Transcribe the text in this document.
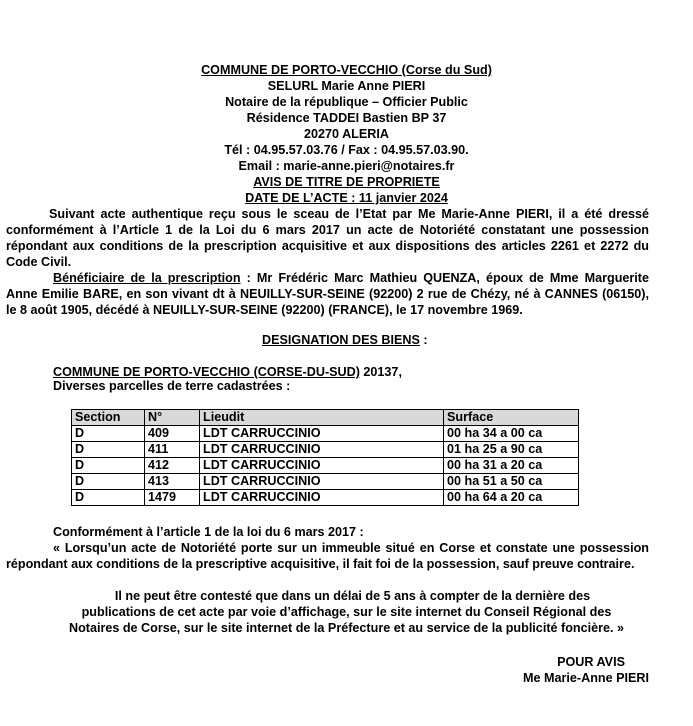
COMMUNE DE PORTO-VECCHIO (Corse du Sud)
SELURL Marie Anne PIERI
Notaire de la république – Officier Public
Résidence TADDEI Bastien BP 37
20270 ALERIA
Tél : 04.95.57.03.76 / Fax : 04.95.57.03.90.
Email : marie-anne.pieri@notaires.fr
AVIS DE TITRE DE PROPRIETE
DATE DE L’ACTE : 11 janvier 2024
Suivant acte authentique reçu sous le sceau de l’Etat par Me Marie-Anne PIERI, il a été dressé conformément à l’Article 1 de la Loi du 6 mars 2017 un acte de Notoriété constatant une possession répondant aux conditions de la prescription acquisitive et aux dispositions des articles 2261 et 2272 du Code Civil.
Bénéficiaire de la prescription : Mr Frédéric Marc Mathieu QUENZA, époux de Mme Marguerite Anne Emilie BARE, en son vivant dt à NEUILLY-SUR-SEINE (92200) 2 rue de Chézy, né à CANNES (06150), le 8 août 1905, décédé à NEUILLY-SUR-SEINE (92200) (FRANCE), le 17 novembre 1969.
DESIGNATION DES BIENS :
COMMUNE DE PORTO-VECCHIO (CORSE-DU-SUD) 20137,
Diverses parcelles de terre cadastrées :
Section	N°	Lieudit	Surface
D	409	LDT CARRUCCINIO	00 ha 34 a 00 ca
D	411	LDT CARRUCCINIO	01 ha 25 a 90 ca
D	412	LDT CARRUCCINIO	00 ha 31 a 20 ca
D	413	LDT CARRUCCINIO	00 ha 51 a 50 ca
D	1479	LDT CARRUCCINIO	00 ha 64 a 20 ca
Conformément à l’article 1 de la loi du 6 mars 2017 :
« Lorsqu’un acte de Notoriété porte sur un immeuble situé en Corse et constate une possession répondant aux conditions de la prescriptive acquisitive, il fait foi de la possession, sauf preuve contraire.
Il ne peut être contesté que dans un délai de 5 ans à compter de la dernière des
publications de cet acte par voie d’affichage, sur le site internet du Conseil Régional des
Notaires de Corse, sur le site internet de la Préfecture et au service de la publicité foncière. »
POUR AVIS
Me Marie-Anne PIERI
